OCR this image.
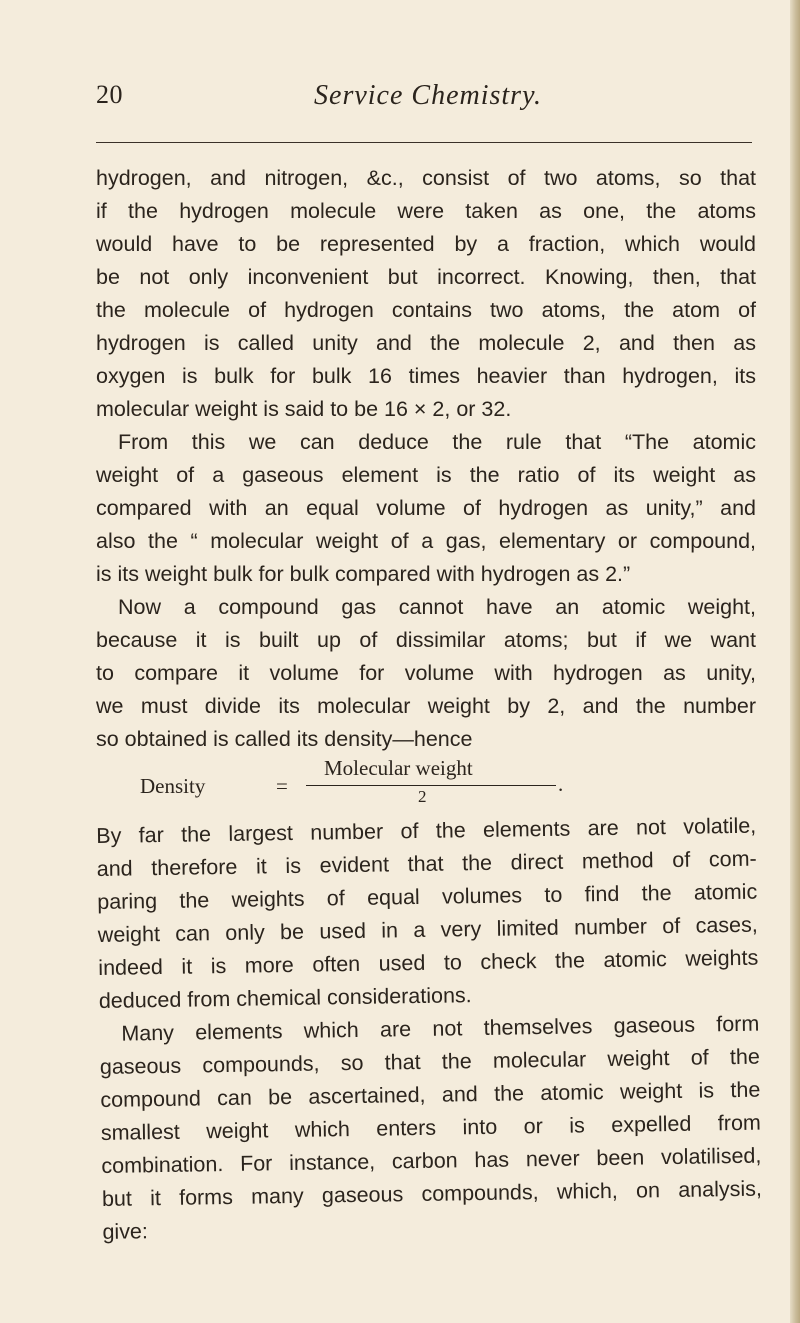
20	Service Chemistry.
hydrogen, and nitrogen, &c., consist of two atoms, so that
if the hydrogen molecule were taken as one, the atoms
would have to be represented by a fraction, which would
be not only inconvenient but incorrect. Knowing, then, that
the molecule of hydrogen contains two atoms, the atom of
hydrogen is called unity and the molecule 2, and then as
oxygen is bulk for bulk 16 times heavier than hydrogen, its
molecular weight is said to be 16 × 2, or 32.
From this we can deduce the rule that “The atomic
weight of a gaseous element is the ratio of its weight as
compared with an equal volume of hydrogen as unity,” and
also the “ molecular weight of a gas, elementary or compound,
is its weight bulk for bulk compared with hydrogen as 2.”
Now a compound gas cannot have an atomic weight,
because it is built up of dissimilar atoms; but if we want
to compare it volume for volume with hydrogen as unity,
we must divide its molecular weight by 2, and the number
so obtained is called its density—hence
Density	=
Molecular weight
2
.
By far the largest number of the elements are not volatile,
and therefore it is evident that the direct method of com-
paring the weights of equal volumes to find the atomic
weight can only be used in a very limited number of cases,
indeed it is more often used to check the atomic weights
deduced from chemical considerations.
Many elements which are not themselves gaseous form
gaseous compounds, so that the molecular weight of the
compound can be ascertained, and the atomic weight is the
smallest weight which enters into or is expelled from
combination. For instance, carbon has never been volatilised,
but it forms many gaseous compounds, which, on analysis,
give:
